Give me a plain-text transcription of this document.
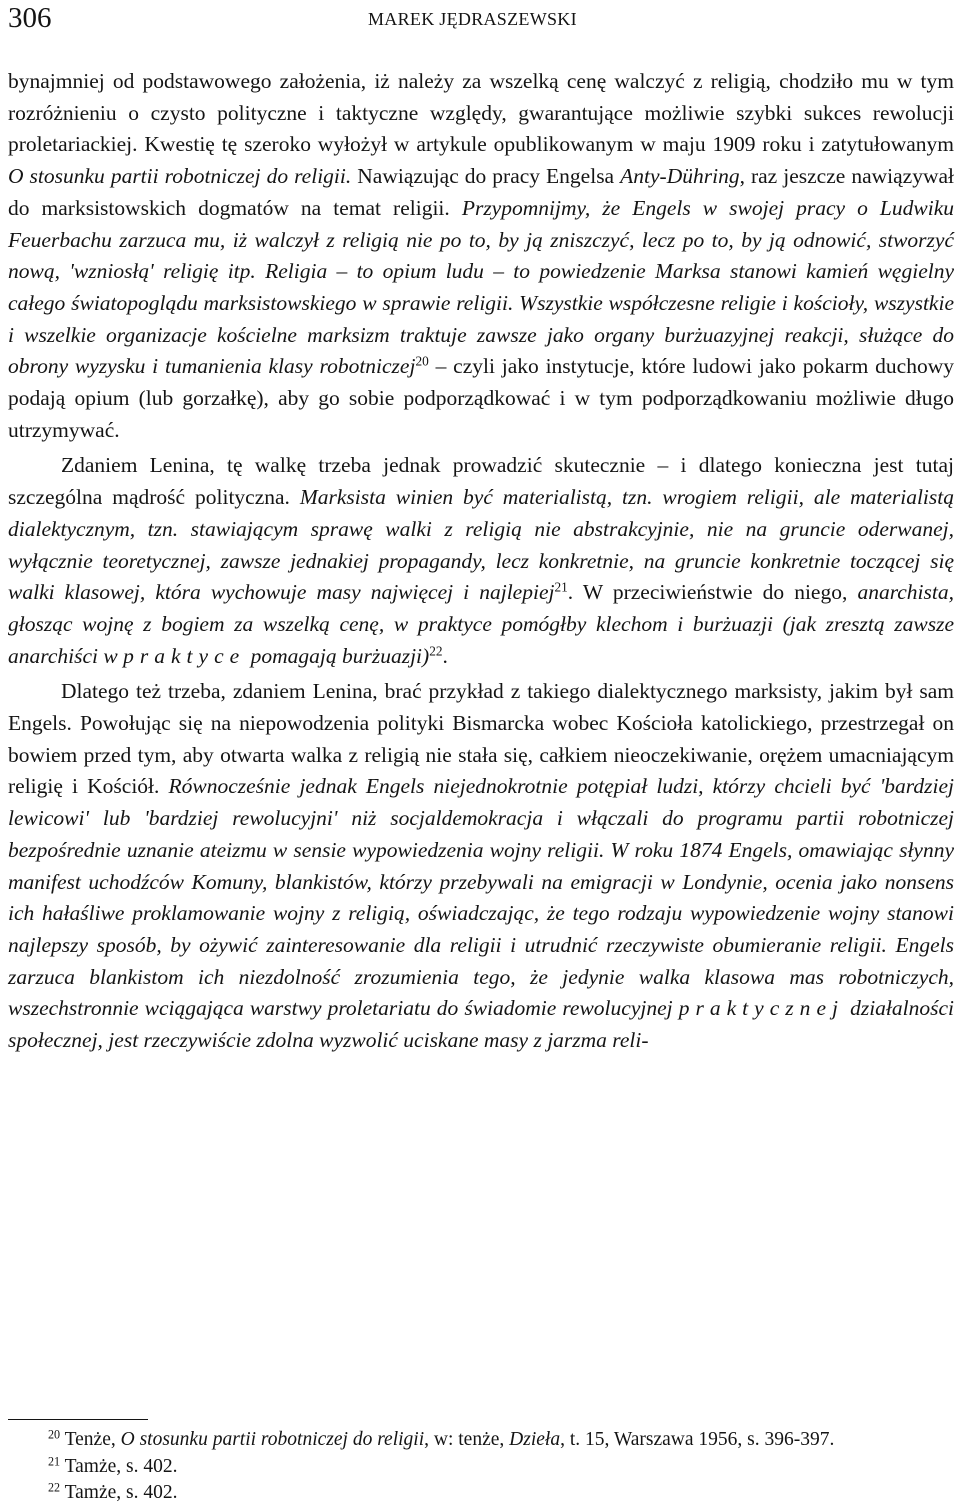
306	MAREK JĘDRASZEWSKI

bynajmniej od podstawowego założenia, iż należy za wszelką cenę walczyć z religią, chodziło mu w tym rozróżnieniu o czysto polityczne i taktyczne względy, gwarantujące możliwie szybki sukces rewolucji proletariackiej. Kwestię tę szeroko wyłożył w artykule opublikowanym w maju 1909 roku i zatytułowanym O stosunku partii robotniczej do religii. Nawiązując do pracy Engelsa Anty-Dühring, raz jeszcze nawiązywał do marksistowskich dogmatów na temat religii. Przypomnijmy, że Engels w swojej pracy o Ludwiku Feuerbachu zarzuca mu, iż walczył z religią nie po to, by ją zniszczyć, lecz po to, by ją odnowić, stworzyć nową, 'wzniosłą' religię itp. Religia – to opium ludu – to powiedzenie Marksa stanowi kamień węgielny całego światopoglądu marksistowskiego w sprawie religii. Wszystkie współczesne religie i kościoły, wszystkie i wszelkie organizacje kościelne marksizm traktuje zawsze jako organy burżuazyjnej reakcji, służące do obrony wyzysku i tumanienia klasy robotniczej$^{20}$ – czyli jako instytucje, które ludowi jako pokarm duchowy podają opium (lub gorzałkę), aby go sobie podporządkować i w tym podporządkowaniu możliwie długo utrzymywać.

Zdaniem Lenina, tę walkę trzeba jednak prowadzić skutecznie – i dlatego konieczna jest tutaj szczególna mądrość polityczna. Marksista winien być materialistą, tzn. wrogiem religii, ale materialistą dialektycznym, tzn. stawiającym sprawę walki z religią nie abstrakcyjnie, nie na gruncie oderwanej, wyłącznie teoretycznej, zawsze jednakiej propagandy, lecz konkretnie, na gruncie konkretnie toczącej się walki klasowej, która wychowuje masy najwięcej i najlepiej$^{21}$. W przeciwieństwie do niego, anarchista, głosząc wojnę z bogiem za wszelką cenę, w praktyce pomógłby klechom i burżuazji (jak zresztą zawsze anarchiści w praktyce pomagają burżuazji)$^{22}$.

Dlatego też trzeba, zdaniem Lenina, brać przykład z takiego dialektycznego marksisty, jakim był sam Engels. Powołując się na niepowodzenia polityki Bismarcka wobec Kościoła katolickiego, przestrzegał on bowiem przed tym, aby otwarta walka z religią nie stała się, całkiem nieoczekiwanie, orężem umacniającym religię i Kościół. Równocześnie jednak Engels niejednokrotnie potępiał ludzi, którzy chcieli być 'bardziej lewicowi' lub 'bardziej rewolucyjni' niż socjaldemokracja i włączali do programu partii robotniczej bezpośrednie uznanie ateizmu w sensie wypowiedzenia wojny religii. W roku 1874 Engels, omawiając słynny manifest uchodźców Komuny, blankistów, którzy przebywali na emigracji w Londynie, ocenia jako nonsens ich hałaśliwe proklamowanie wojny z religią, oświadczając, że tego rodzaju wypowiedzenie wojny stanowi najlepszy sposób, by ożywić zainteresowanie dla religii i utrudnić rzeczywiste obumieranie religii. Engels zarzuca blankistom ich niezdolność zrozumienia tego, że jedynie walka klasowa mas robotniczych, wszechstronnie wciągająca warstwy proletariatu do świadomie rewolucyjnej praktycznej działalności społecznej, jest rzeczywiście zdolna wyzwolić uciskane masy z jarzma reli-

$^{20}$ Tenże, O stosunku partii robotniczej do religii, w: tenże, Dzieła, t. 15, Warszawa 1956, s. 396-397.

$^{21}$ Tamże, s. 402.

$^{22}$ Tamże, s. 402.
